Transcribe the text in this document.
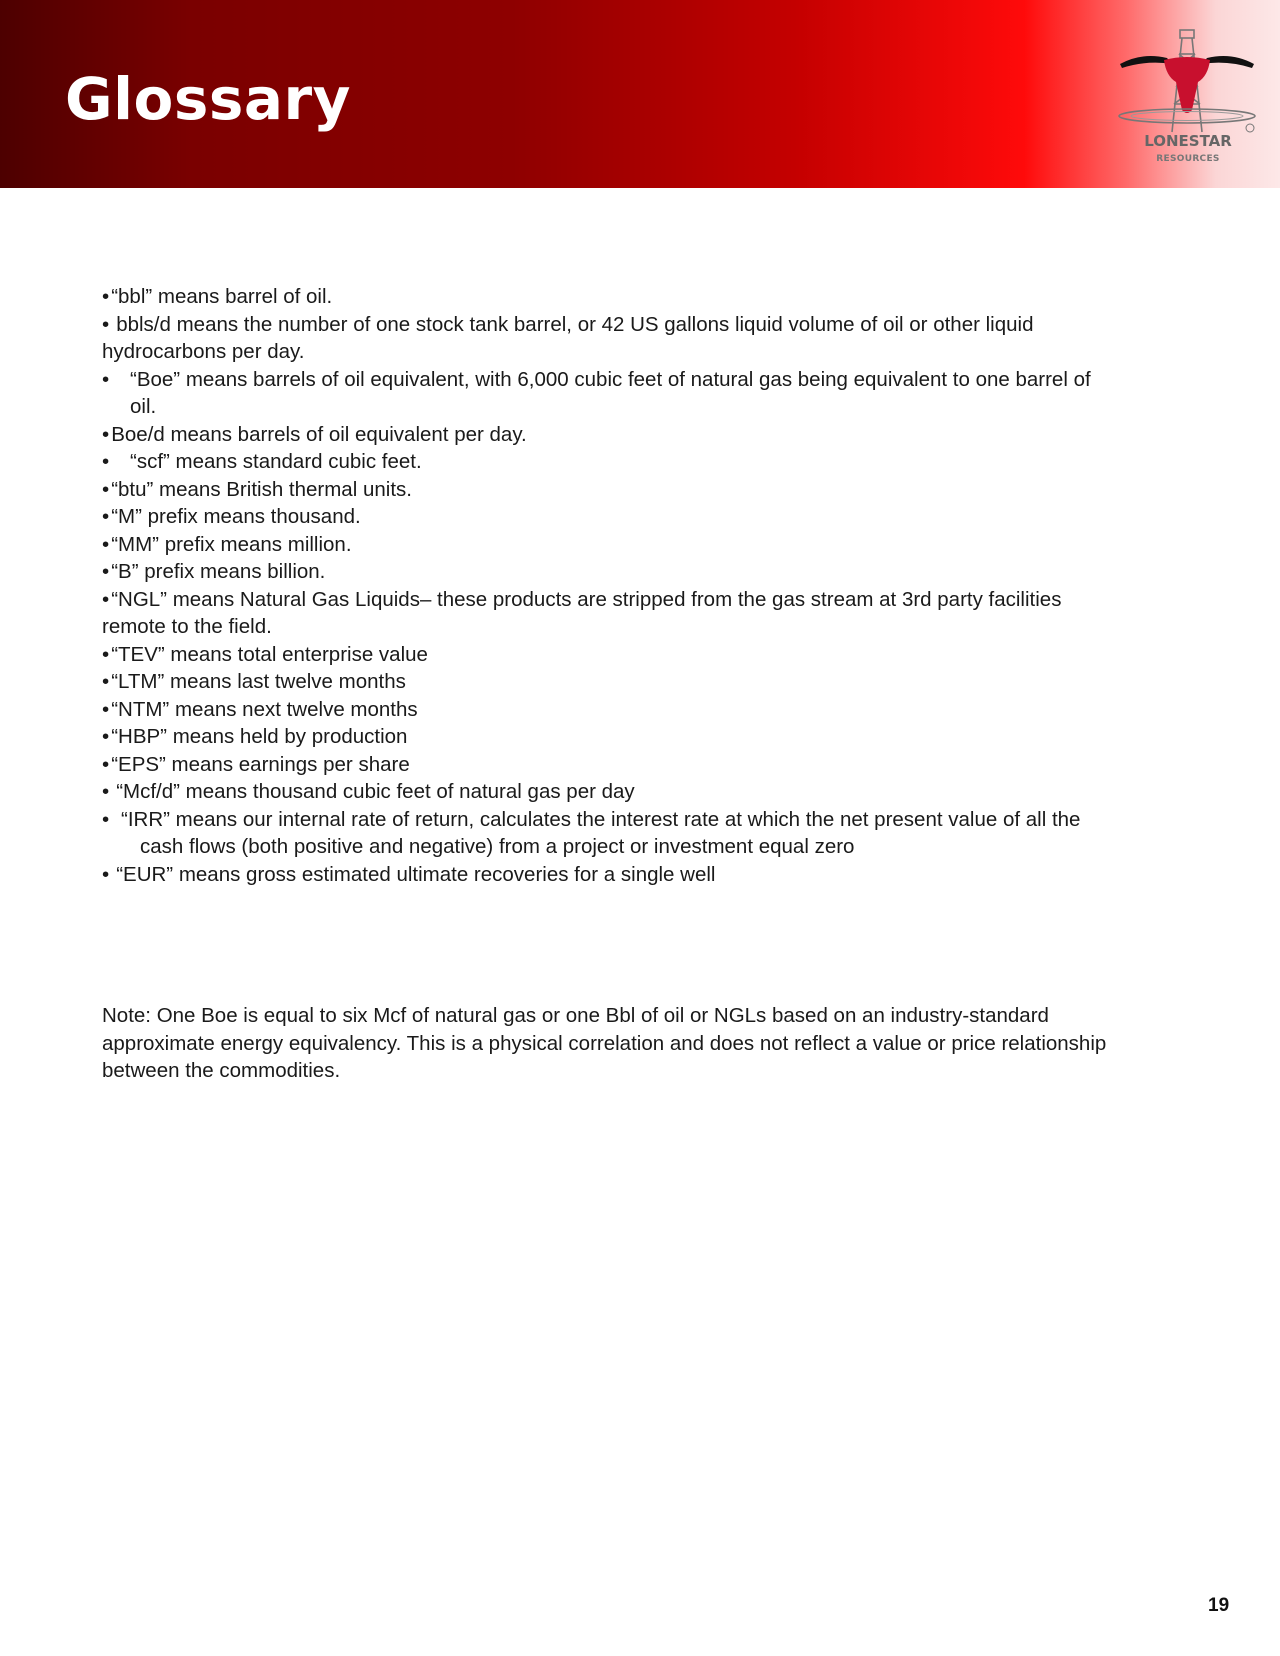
Glossary
LONESTAR
RESOURCES

•“bbl” means barrel of oil.

• bbls/d means the number of one stock tank barrel, or 42 US gallons liquid volume of oil or other liquid hydrocarbons per day.

• “Boe” means barrels of oil equivalent, with 6,000 cubic feet of natural gas being equivalent to one barrel of oil.

•Boe/d means barrels of oil equivalent per day.

• “scf” means standard cubic feet.

•“btu” means British thermal units.

•“M” prefix means thousand.

•“MM” prefix means million.

•“B” prefix means billion.

•“NGL” means Natural Gas Liquids– these products are stripped from the gas stream at 3rd party facilities remote to the field.

•“TEV” means total enterprise value

•“LTM” means last twelve months

•“NTM” means next twelve months

•“HBP” means held by production

•“EPS” means earnings per share

• “Mcf/d” means thousand cubic feet of natural gas per day

• “IRR” means our internal rate of return, calculates the interest rate at which the net present value of all the cash flows (both positive and negative) from a project or investment equal zero

• “EUR” means gross estimated ultimate recoveries for a single well

Note: One Boe is equal to six Mcf of natural gas or one Bbl of oil or NGLs based on an industry-standard approximate energy equivalency. This is a physical correlation and does not reflect a value or price relationship between the commodities.

19
